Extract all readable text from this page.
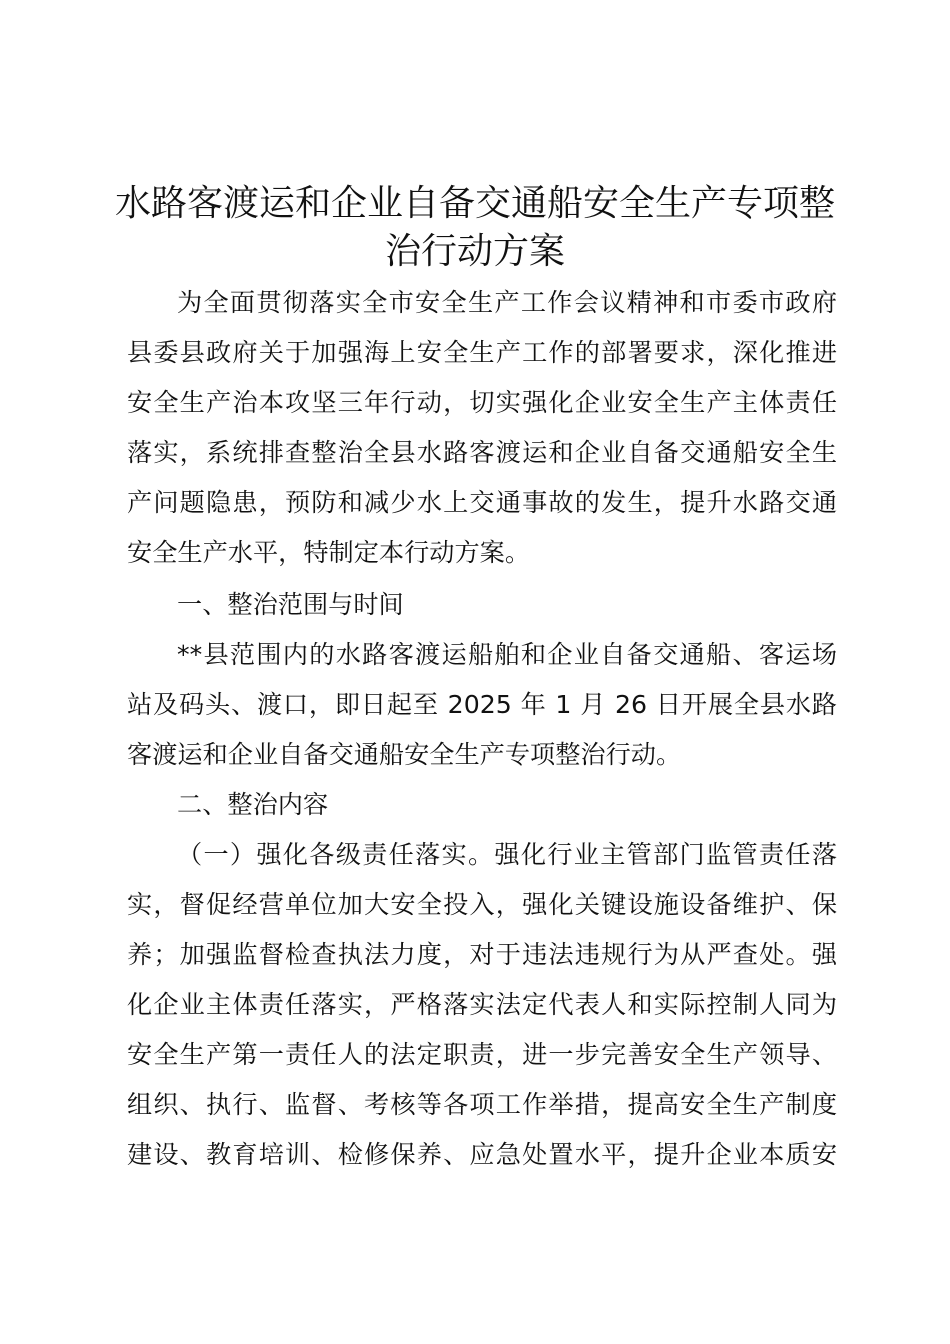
水路客渡运和企业自备交通船安全生产专项整
治行动方案
为全面贯彻落实全市安全生产工作会议精神和市委市政府
县委县政府关于加强海上安全生产工作的部署要求，深化推进
安全生产治本攻坚三年行动，切实强化企业安全生产主体责任
落实，系统排查整治全县水路客渡运和企业自备交通船安全生
产问题隐患，预防和减少水上交通事故的发生，提升水路交通
安全生产水平，特制定本行动方案。
一、整治范围与时间
**县范围内的水路客渡运船舶和企业自备交通船、客运场
站及码头、渡口，即日起至 2025 年 1 月 26 日开展全县水路
客渡运和企业自备交通船安全生产专项整治行动。
二、整治内容
（一）强化各级责任落实。强化行业主管部门监管责任落
实，督促经营单位加大安全投入，强化关键设施设备维护、保
养；加强监督检查执法力度，对于违法违规行为从严查处。强
化企业主体责任落实，严格落实法定代表人和实际控制人同为
安全生产第一责任人的法定职责，进一步完善安全生产领导、
组织、执行、监督、考核等各项工作举措，提高安全生产制度
建设、教育培训、检修保养、应急处置水平，提升企业本质安
